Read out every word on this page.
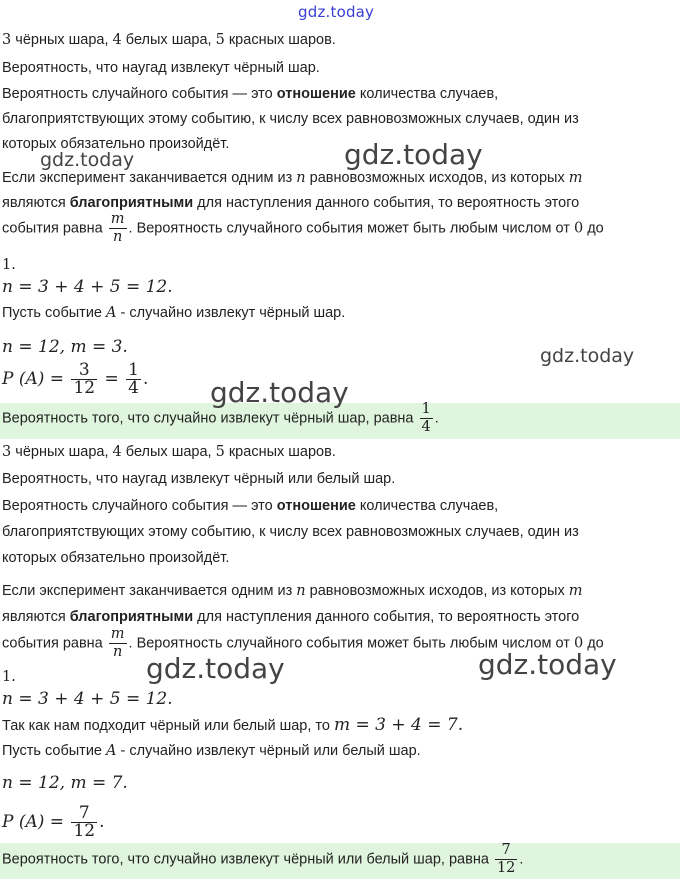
gdz.today
gdz.today	gdz.today
gdz.today
gdz.today
gdz.today	gdz.today
3 чёрных шара, 4 белых шара, 5 красных шаров.
Вероятность, что наугад извлекут чёрный шар.
Вероятность случайного события — это отношение количества случаев,
благоприятствующих этому событию, к числу всех равновозможных случаев, один из
которых обязательно произойдёт.
Если эксперимент заканчивается одним из n равновозможных исходов, из которых m
являются благоприятными для наступления данного события, то вероятность этого
события равна $\frac{m}{n}$ . Вероятность случайного события может быть любым числом от 0 до
1.
n = 3 + 4 + 5 = 12.
Пусть событие A - случайно извлекут чёрный шар.
n = 12, m = 3.
P $(A) = \frac{3}{12} = \frac{1}{4}$ .
Вероятность того, что случайно извлекут чёрный шар, равна $\frac{1}{4}$ .
3 чёрных шара, 4 белых шара, 5 красных шаров.
Вероятность, что наугад извлекут чёрный или белый шар.
Вероятность случайного события — это отношение количества случаев,
благоприятствующих этому событию, к числу всех равновозможных случаев, один из
которых обязательно произойдёт.
Если эксперимент заканчивается одним из n равновозможных исходов, из которых m
являются благоприятными для наступления данного события, то вероятность этого
события равна $\frac{m}{n}$ . Вероятность случайного события может быть любым числом от 0 до
1.
n = 3 + 4 + 5 = 12.
Так как нам подходит чёрный или белый шар, то m = 3 + 4 = 7.
Пусть событие A - случайно извлекут чёрный или белый шар.
n = 12, m = 7.
P $(A) = \frac{7}{12}$ .
Вероятность того, что случайно извлекут чёрный или белый шар, равна $\frac{7}{12}$ .
